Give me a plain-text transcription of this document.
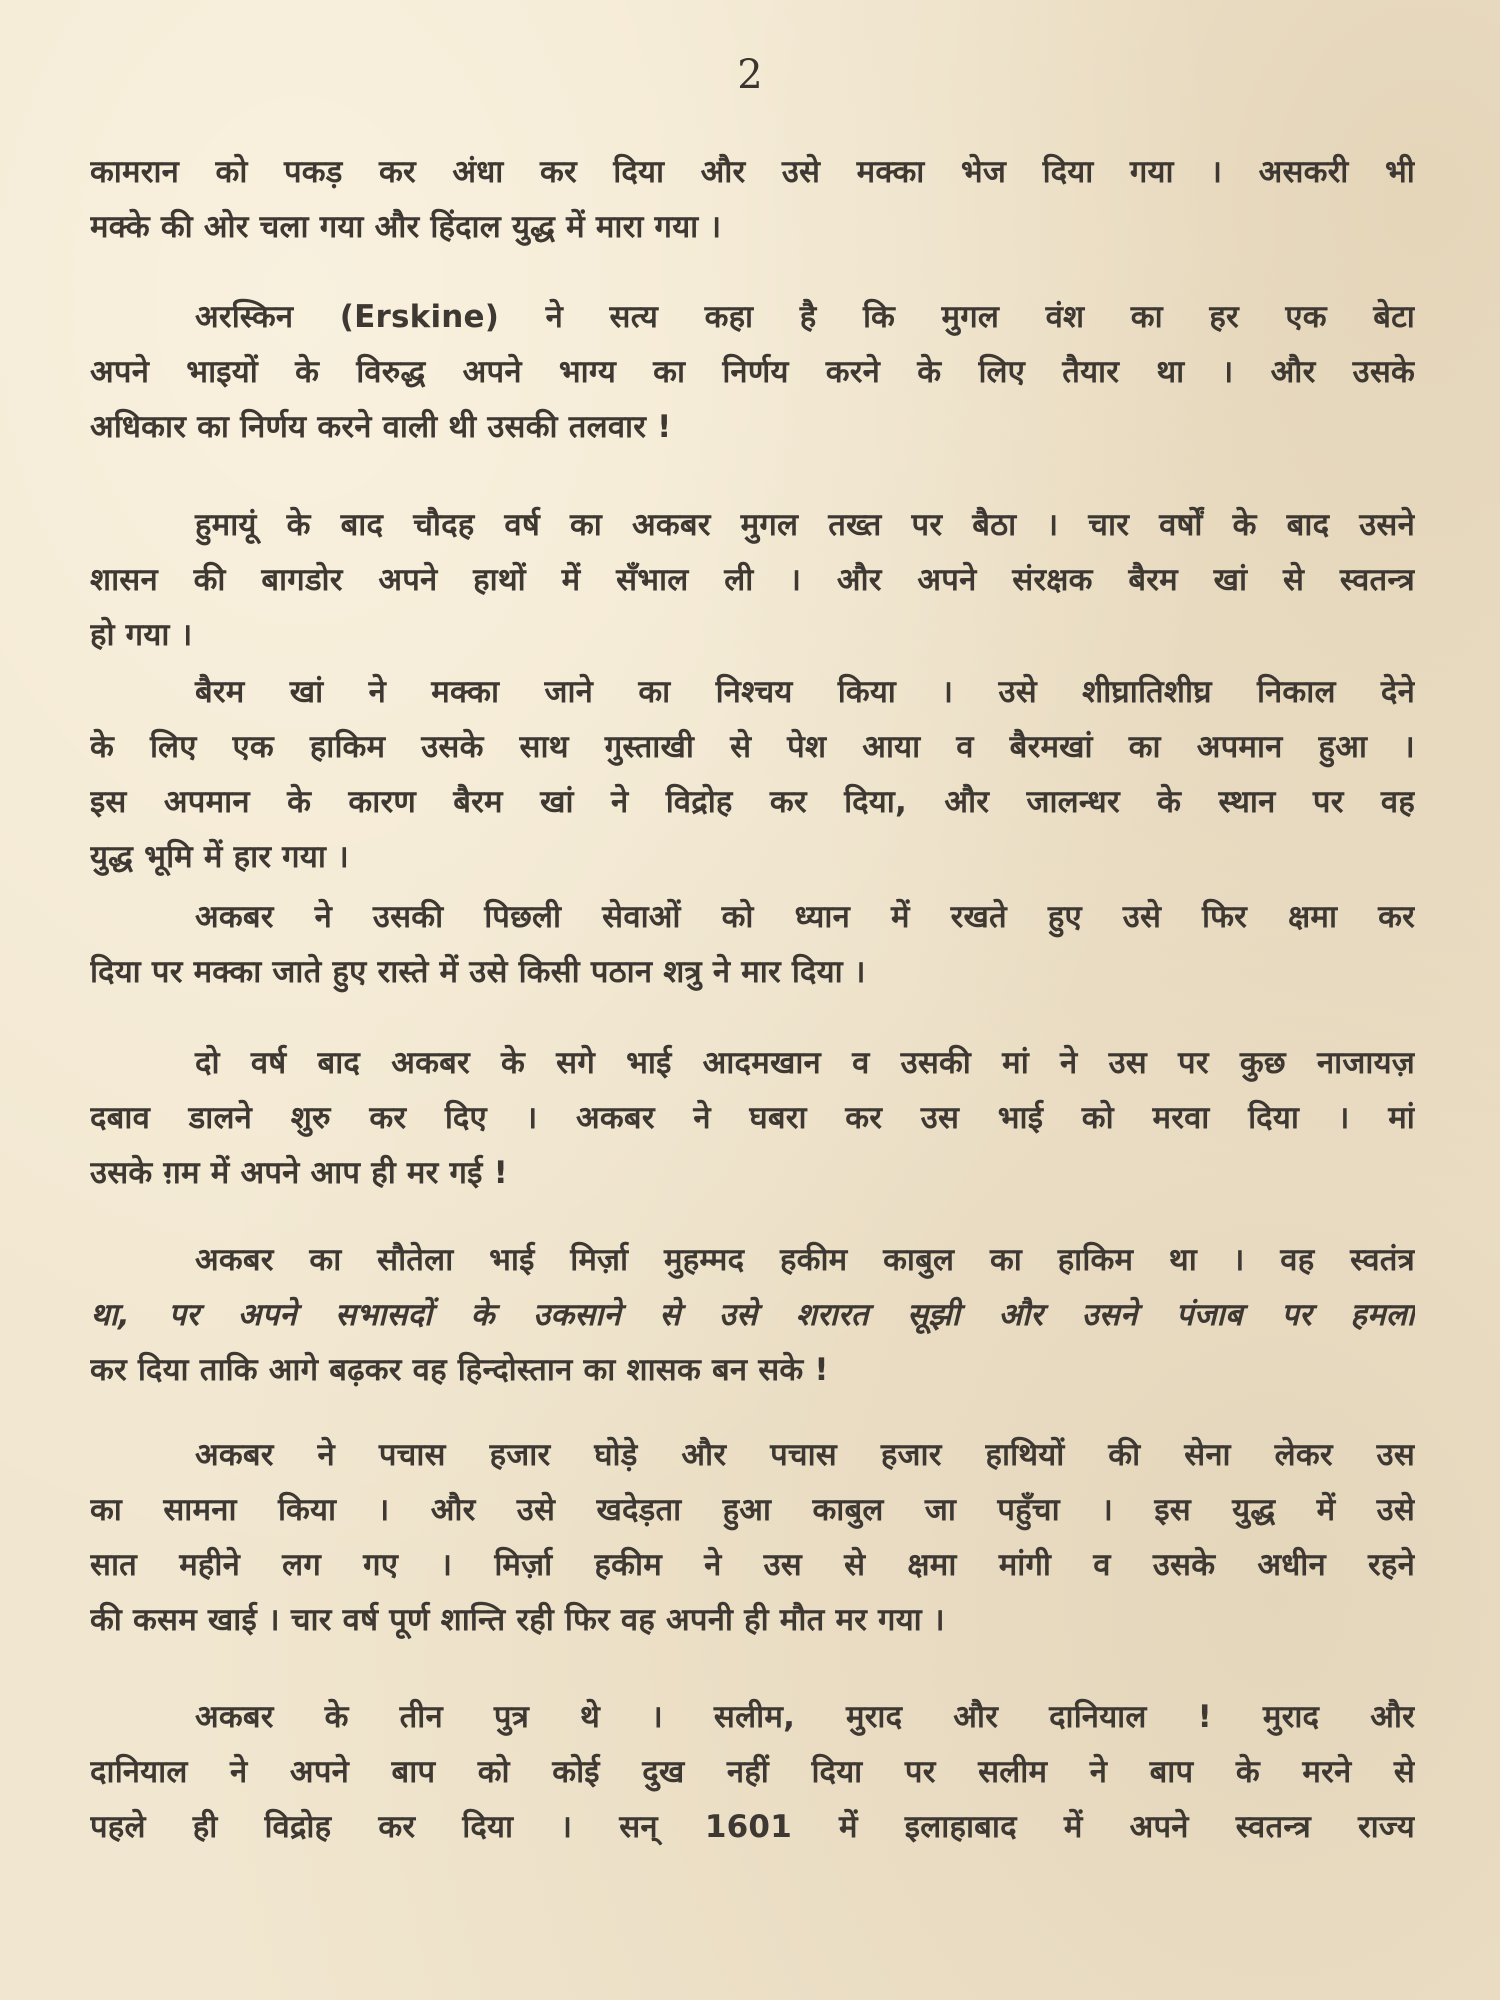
2
कामरान को पकड़ कर अंधा कर दिया और उसे मक्का भेज दिया गया । असकरी भी
मक्के की ओर चला गया और हिंदाल युद्ध में मारा गया ।
अरस्किन (Erskine) ने सत्य कहा है कि मुगल वंश का हर एक बेटा
अपने भाइयों के विरुद्ध अपने भाग्य का निर्णय करने के लिए तैयार था । और उसके
अधिकार का निर्णय करने वाली थी उसकी तलवार !
हुमायूं के बाद चौदह वर्ष का अकबर मुगल तख्त पर बैठा । चार वर्षों के बाद उसने
शासन की बागडोर अपने हाथों में सँभाल ली । और अपने संरक्षक बैरम खां से स्वतन्त्र
हो गया ।
बैरम खां ने मक्का जाने का निश्चय किया । उसे शीघ्रातिशीघ्र निकाल देने
के लिए एक हाकिम उसके साथ गुस्ताखी से पेश आया व बैरमखां का अपमान हुआ ।
इस अपमान के कारण बैरम खां ने विद्रोह कर दिया, और जालन्धर के स्थान पर वह
युद्ध भूमि में हार गया ।
अकबर ने उसकी पिछली सेवाओं को ध्यान में रखते हुए उसे फिर क्षमा कर
दिया पर मक्का जाते हुए रास्ते में उसे किसी पठान शत्रु ने मार दिया ।
दो वर्ष बाद अकबर के सगे भाई आदमखान व उसकी मां ने उस पर कुछ नाजायज़
दबाव डालने शुरु कर दिए । अकबर ने घबरा कर उस भाई को मरवा दिया । मां
उसके ग़म में अपने आप ही मर गई !
अकबर का सौतेला भाई मिर्ज़ा मुहम्मद हकीम काबुल का हाकिम था । वह स्वतंत्र
था, पर अपने सभासदों के उकसाने से उसे शरारत सूझी और उसने पंजाब पर हमला
कर दिया ताकि आगे बढ़कर वह हिन्दोस्तान का शासक बन सके !
अकबर ने पचास हजार घोड़े और पचास हजार हाथियों की सेना लेकर उस
का सामना किया । और उसे खदेड़ता हुआ काबुल जा पहुँचा । इस युद्ध में उसे
सात महीने लग गए । मिर्ज़ा हकीम ने उस से क्षमा मांगी व उसके अधीन रहने
की कसम खाई । चार वर्ष पूर्ण शान्ति रही फिर वह अपनी ही मौत मर गया ।
अकबर के तीन पुत्र थे । सलीम, मुराद और दानियाल ! मुराद और
दानियाल ने अपने बाप को कोई दुख नहीं दिया पर सलीम ने बाप के मरने से
पहले ही विद्रोह कर दिया । सन् 1601 में इलाहाबाद में अपने स्वतन्त्र राज्य
